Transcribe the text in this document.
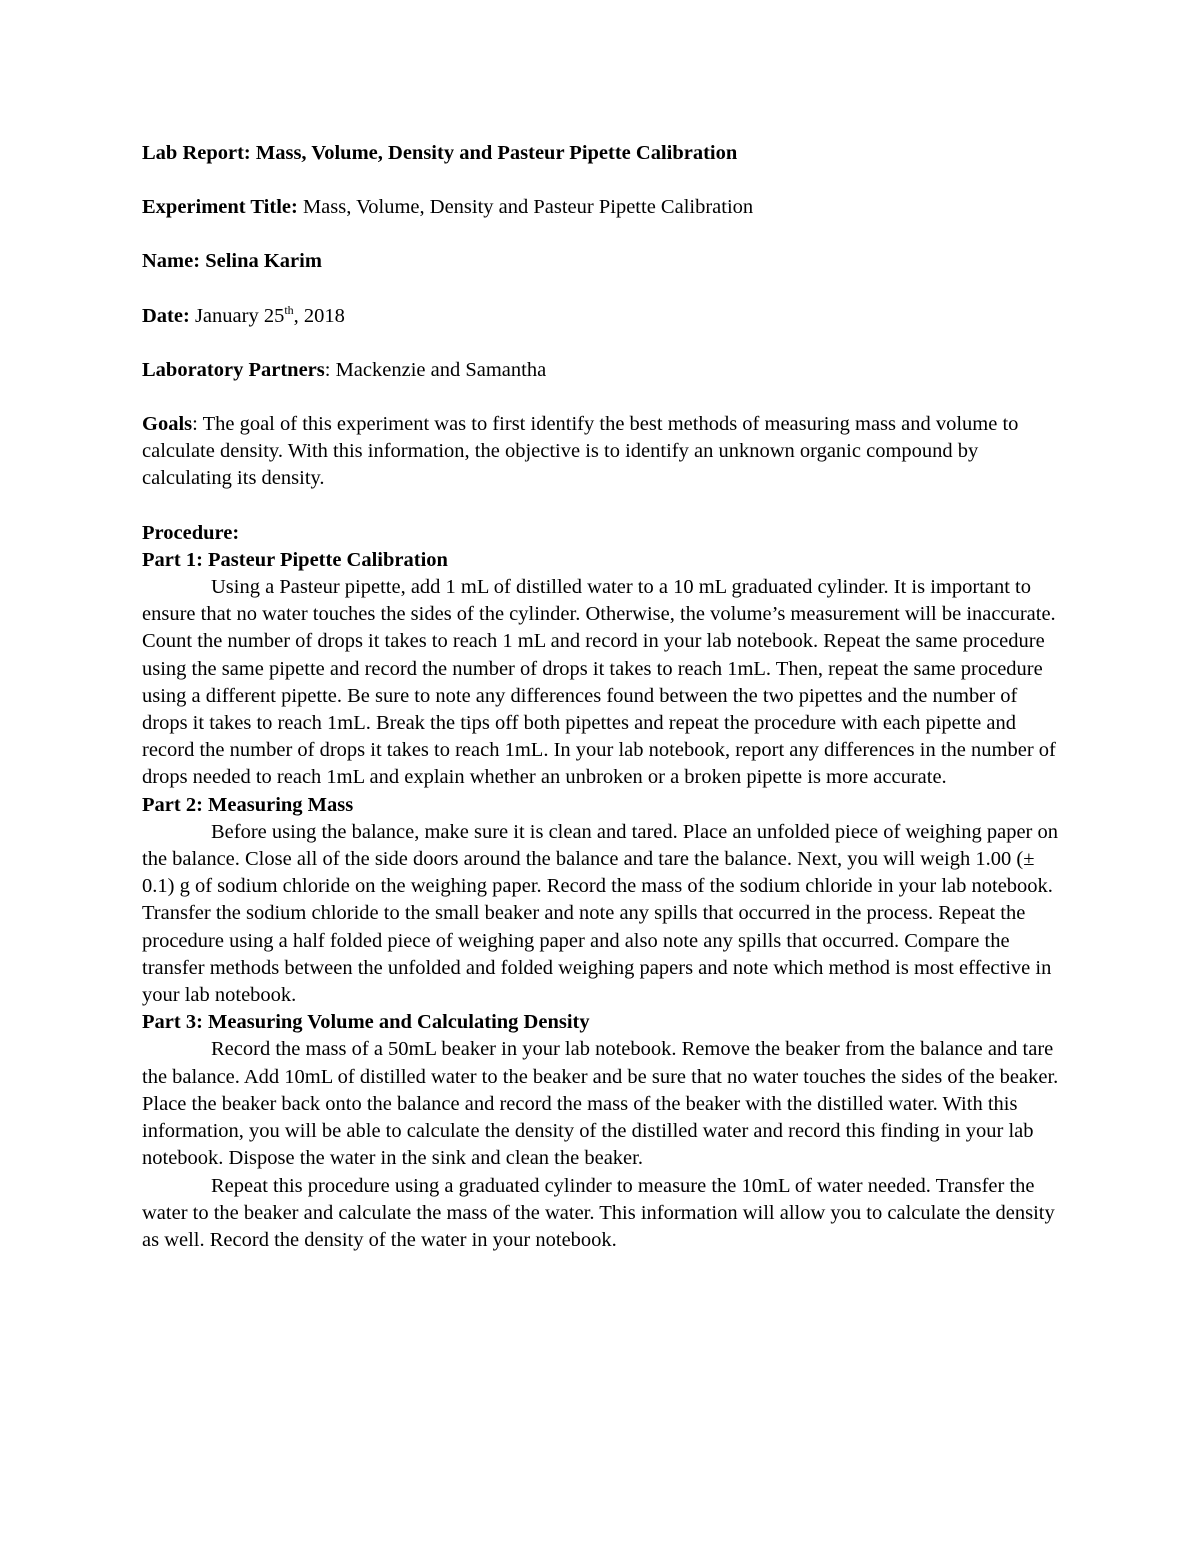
Lab Report: Mass, Volume, Density and Pasteur Pipette Calibration

Experiment Title: Mass, Volume, Density and Pasteur Pipette Calibration

Name: Selina Karim

Date: January 25th, 2018

Laboratory Partners: Mackenzie and Samantha

Goals: The goal of this experiment was to first identify the best methods of measuring mass and volume to calculate density. With this information, the objective is to identify an unknown organic compound by calculating its density.

Procedure:

Part 1: Pasteur Pipette Calibration

Using a Pasteur pipette, add 1 mL of distilled water to a 10 mL graduated cylinder. It is important to ensure that no water touches the sides of the cylinder. Otherwise, the volume’s measurement will be inaccurate. Count the number of drops it takes to reach 1 mL and record in your lab notebook. Repeat the same procedure using the same pipette and record the number of drops it takes to reach 1mL. Then, repeat the same procedure using a different pipette. Be sure to note any differences found between the two pipettes and the number of drops it takes to reach 1mL. Break the tips off both pipettes and repeat the procedure with each pipette and record the number of drops it takes to reach 1mL. In your lab notebook, report any differences in the number of drops needed to reach 1mL and explain whether an unbroken or a broken pipette is more accurate.

Part 2: Measuring Mass

Before using the balance, make sure it is clean and tared. Place an unfolded piece of weighing paper on the balance. Close all of the side doors around the balance and tare the balance. Next, you will weigh 1.00 (± 0.1) g of sodium chloride on the weighing paper. Record the mass of the sodium chloride in your lab notebook. Transfer the sodium chloride to the small beaker and note any spills that occurred in the process. Repeat the procedure using a half folded piece of weighing paper and also note any spills that occurred. Compare the transfer methods between the unfolded and folded weighing papers and note which method is most effective in your lab notebook.

Part 3: Measuring Volume and Calculating Density

Record the mass of a 50mL beaker in your lab notebook. Remove the beaker from the balance and tare the balance. Add 10mL of distilled water to the beaker and be sure that no water touches the sides of the beaker. Place the beaker back onto the balance and record the mass of the beaker with the distilled water. With this information, you will be able to calculate the density of the distilled water and record this finding in your lab notebook. Dispose the water in the sink and clean the beaker.

Repeat this procedure using a graduated cylinder to measure the 10mL of water needed. Transfer the water to the beaker and calculate the mass of the water. This information will allow you to calculate the density as well. Record the density of the water in your notebook.
